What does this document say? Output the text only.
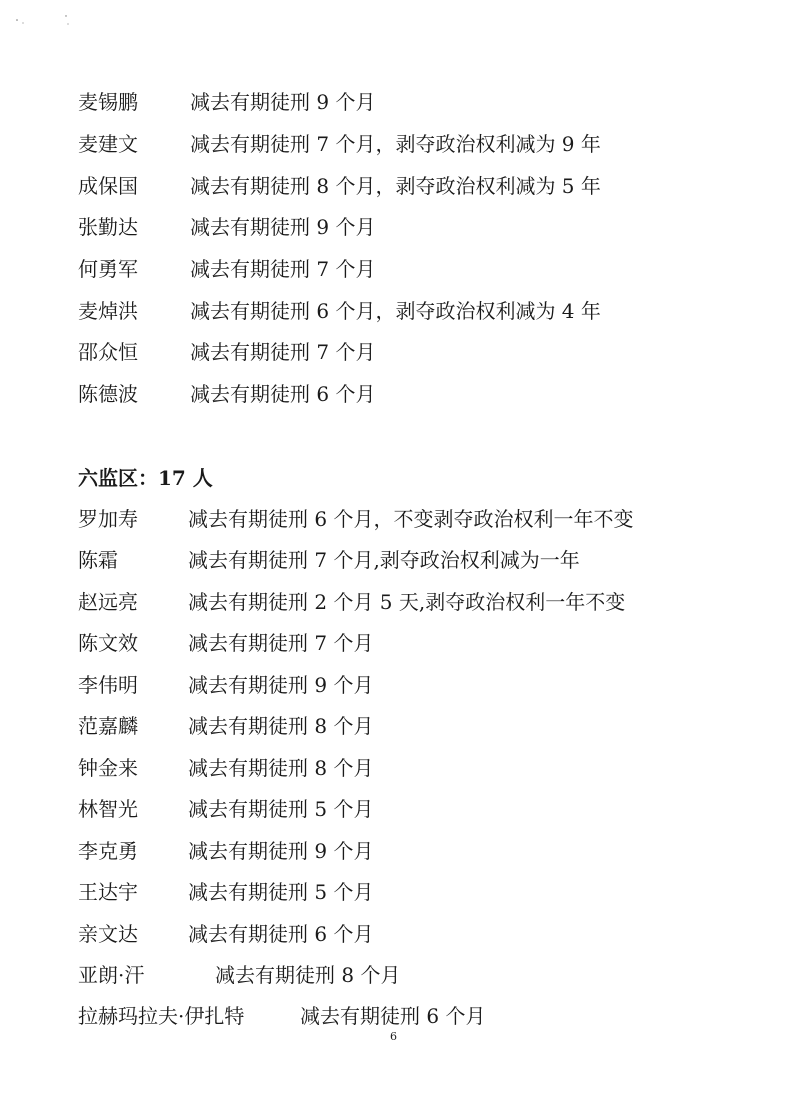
麦锡鹏	减去有期徒刑 9 个月
麦建文	减去有期徒刑 7 个月，剥夺政治权利减为 9 年
成保国	减去有期徒刑 8 个月，剥夺政治权利减为 5 年
张勤达	减去有期徒刑 9 个月
何勇军	减去有期徒刑 7 个月
麦焯洪	减去有期徒刑 6 个月，剥夺政治权利减为 4 年
邵众恒	减去有期徒刑 7 个月
陈德波	减去有期徒刑 6 个月
六监区：17 人
罗加寿	减去有期徒刑 6 个月，不变剥夺政治权利一年不变
陈霜	减去有期徒刑 7 个月,剥夺政治权利减为一年
赵远亮	减去有期徒刑 2 个月 5 天,剥夺政治权利一年不变
陈文效	减去有期徒刑 7 个月
李伟明	减去有期徒刑 9 个月
范嘉麟	减去有期徒刑 8 个月
钟金来	减去有期徒刑 8 个月
林智光	减去有期徒刑 5 个月
李克勇	减去有期徒刑 9 个月
王达宇	减去有期徒刑 5 个月
亲文达	减去有期徒刑 6 个月
亚朗·汗	减去有期徒刑 8 个月
拉赫玛拉夫·伊扎特	减去有期徒刑 6 个月
6
